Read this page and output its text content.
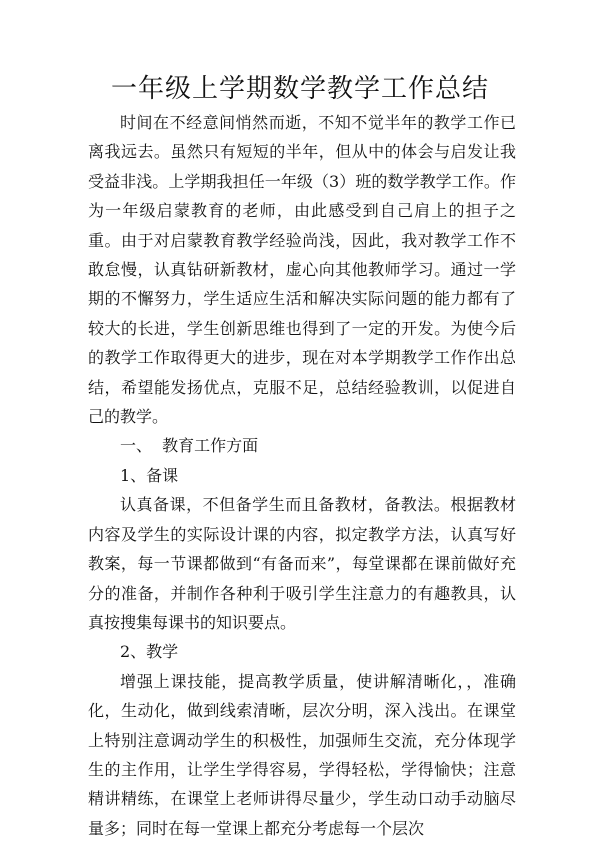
一年级上学期数学教学工作总结

时间在不经意间悄然而逝，不知不觉半年的教学工作已离我远去。虽然只有短短的半年，但从中的体会与启发让我受益非浅。上学期我担任一年级（3）班的数学教学工作。作为一年级启蒙教育的老师，由此感受到自己肩上的担子之重。由于对启蒙教育教学经验尚浅，因此，我对教学工作不敢怠慢，认真钻研新教材，虚心向其他教师学习。通过一学期的不懈努力，学生适应生活和解决实际问题的能力都有了较大的长进，学生创新思维也得到了一定的开发。为使今后的教学工作取得更大的进步，现在对本学期教学工作作出总结，希望能发扬优点，克服不足，总结经验教训，以促进自己的教学。

一、  教育工作方面

1、备课

认真备课，不但备学生而且备教材，备教法。根据教材内容及学生的实际设计课的内容，拟定教学方法，认真写好教案，每一节课都做到“有备而来”，每堂课都在课前做好充分的准备，并制作各种利于吸引学生注意力的有趣教具，认真按搜集每课书的知识要点。

2、教学

增强上课技能，提高教学质量，使讲解清晰化，，准确化，生动化，做到线索清晰，层次分明，深入浅出。在课堂上特别注意调动学生的积极性，加强师生交流，充分体现学生的主作用，让学生学得容易，学得轻松，学得愉快；注意精讲精练，在课堂上老师讲得尽量少，学生动口动手动脑尽量多；同时在每一堂课上都充分考虑每一个层次
